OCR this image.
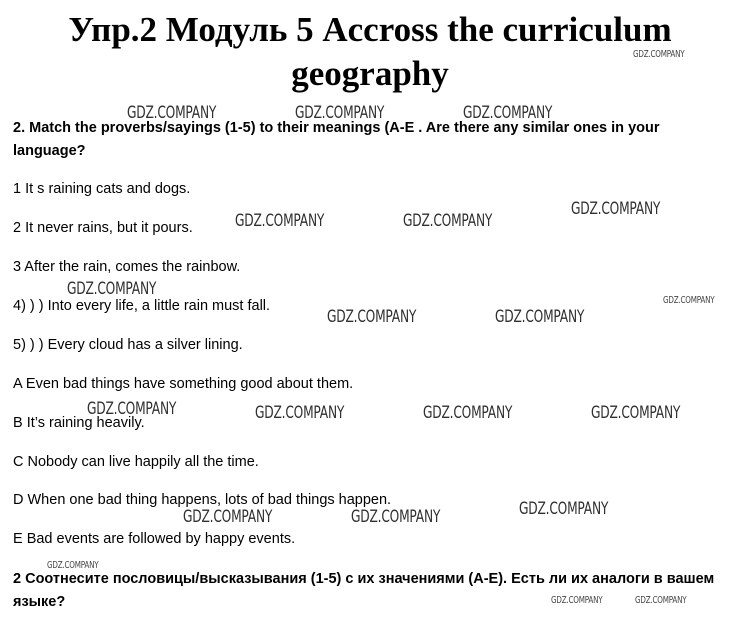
Упр.2 Модуль 5 Accross the curriculum
geography
2. Match the proverbs/sayings (1-5) to their meanings (A-E . Are there any similar ones in your
language?
1 It s raining cats and dogs.
2 It never rains, but it pours.
3 After the rain, comes the rainbow.
4) ) ) Into every life, a little rain must fall.
5) ) ) Every cloud has a silver lining.
A Even bad things have something good about them.
B It’s raining heavily.
C Nobody can live happily all the time.
D When one bad thing happens, lots of bad things happen.
E Bad events are followed by happy events.
2 Соотнесите пословицы/высказывания (1-5) с их значениями (А-Е). Есть ли их аналоги в вашем
языке?
GDZ.COMPANY
GDZ.COMPANY	GDZ.COMPANY	GDZ.COMPANY
GDZ.COMPANY
GDZ.COMPANY	GDZ.COMPANY
GDZ.COMPANY
GDZ.COMPANY
GDZ.COMPANY	GDZ.COMPANY
GDZ.COMPANY	GDZ.COMPANY	GDZ.COMPANY	GDZ.COMPANY
GDZ.COMPANY
GDZ.COMPANY	GDZ.COMPANY
GDZ.COMPANY
GDZ.COMPANY	GDZ.COMPANY
